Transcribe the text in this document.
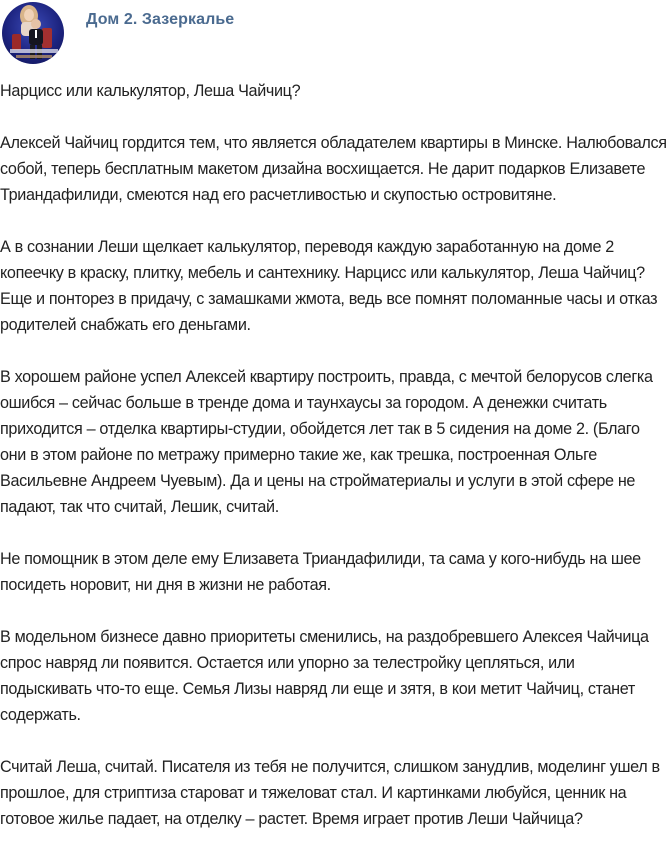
Дом 2. Зазеркалье

Нарцисс или калькулятор, Леша Чайчиц?

Алексей Чайчиц гордится тем, что является обладателем квартиры в Минске. Налюбовался собой, теперь бесплатным макетом дизайна восхищается. Не дарит подарков Елизавете Триандафилиди, смеются над его расчетливостью и скупостью островитяне.

А в сознании Леши щелкает калькулятор, переводя каждую заработанную на доме 2 копеечку в краску, плитку, мебель и сантехнику. Нарцисс или калькулятор, Леша Чайчиц? Еще и понторез в придачу, с замашками жмота, ведь все помнят поломанные часы и отказ родителей снабжать его деньгами.

В хорошем районе успел Алексей квартиру построить, правда, с мечтой белорусов слегка ошибся – сейчас больше в тренде дома и таунхаусы за городом. А денежки считать приходится – отделка квартиры-студии, обойдется лет так в 5 сидения на доме 2. (Благо они в этом районе по метражу примерно такие же, как трешка, построенная Ольге Васильевне Андреем Чуевым). Да и цены на стройматериалы и услуги в этой сфере не падают, так что считай, Лешик, считай.

Не помощник в этом деле ему Елизавета Триандафилиди, та сама у кого-нибудь на шее посидеть норовит, ни дня в жизни не работая.

В модельном бизнесе давно приоритеты сменились, на раздобревшего Алексея Чайчица спрос навряд ли появится. Остается или упорно за телестройку цепляться, или подыскивать что-то еще. Семья Лизы навряд ли еще и зятя, в кои метит Чайчиц, станет содержать.

Считай Леша, считай. Писателя из тебя не получится, слишком занудлив, моделинг ушел в прошлое, для стриптиза староват и тяжеловат стал. И картинками любуйся, ценник на готовое жилье падает, на отделку – растет. Время играет против Леши Чайчица?
